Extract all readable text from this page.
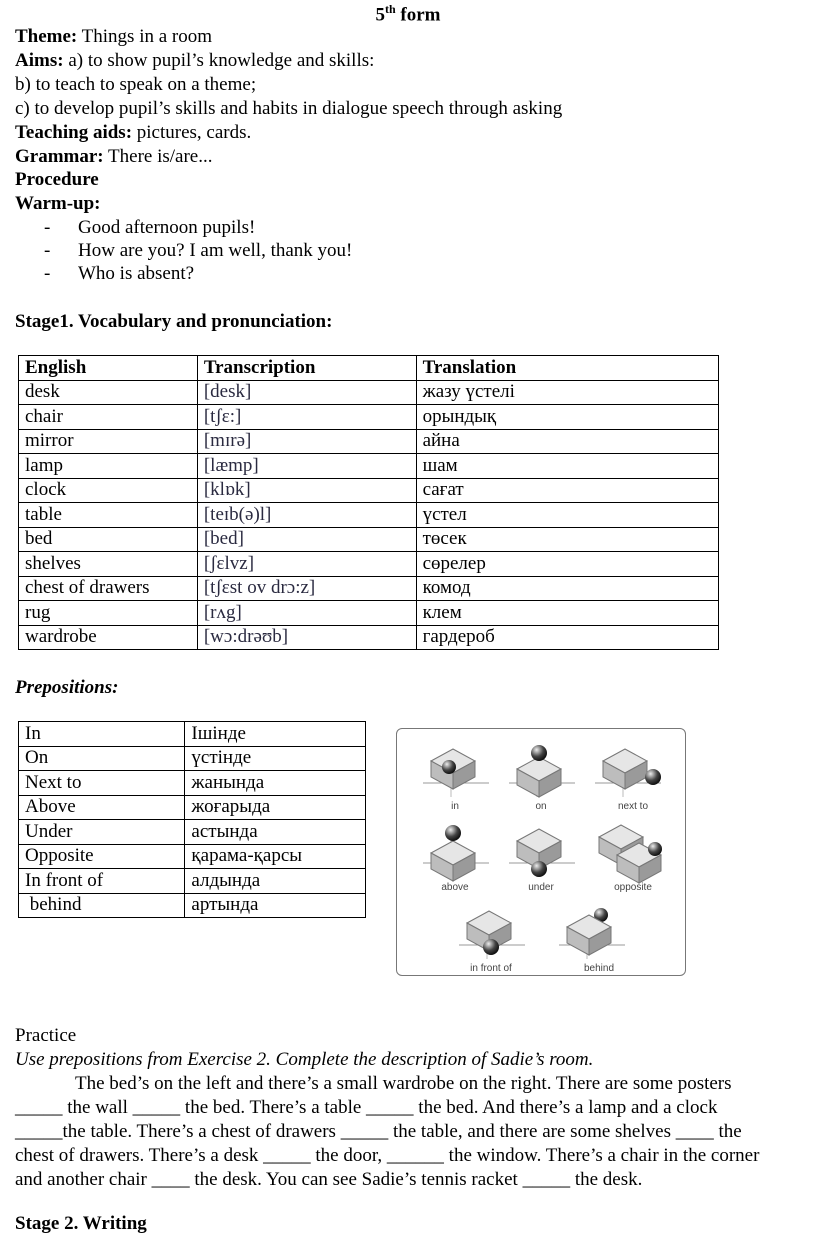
5th form
Theme: Things in a room
Aims: a) to show pupil’s knowledge and skills:
b) to teach to speak on a theme;
c) to develop pupil’s skills and habits in dialogue speech through asking
Teaching aids: pictures, cards.
Grammar: There is/are...
Procedure
Warm-up:
- Good afternoon pupils!
- How are you? I am well, thank you!
- Who is absent?
Stage1. Vocabulary and pronunciation:
English	Transcription	Translation
desk	[desk]	жазу үстелі
chair	[tʃɛ:]	орындық
mirror	[mɪrə]	айна
lamp	[læmp]	шам
clock	[klɒk]	сағат
table	[teɪb(ə)l]	үстел
bed	[bed]	төсек
shelves	[ʃɛlvz]	сөрелер
chest of drawers	[tʃɛst ov drɔ:z]	комод
rug	[rʌg]	клем
wardrobe	[wɔ:drəʊb]	гардероб
Prepositions:
In	Ішінде
On	үстінде
Next to	жанында
Above	жоғарыда
Under	астында
Opposite	қарама-қарсы
In front of	алдында
behind	артында
in	on	next to
above	under	opposite
in front of	behind
Practice
Use prepositions from Exercise 2. Complete the description of Sadie’s room.
The bed’s on the left and there’s a small wardrobe on the right. There are some posters
_____ the wall _____ the bed. There’s a table _____ the bed. And there’s a lamp and a clock
_____the table. There’s a chest of drawers _____ the table, and there are some shelves ____ the
chest of drawers. There’s a desk _____ the door, ______ the window. There’s a chair in the corner
and another chair ____ the desk. You can see Sadie’s tennis racket _____ the desk.
Stage 2. Writing
